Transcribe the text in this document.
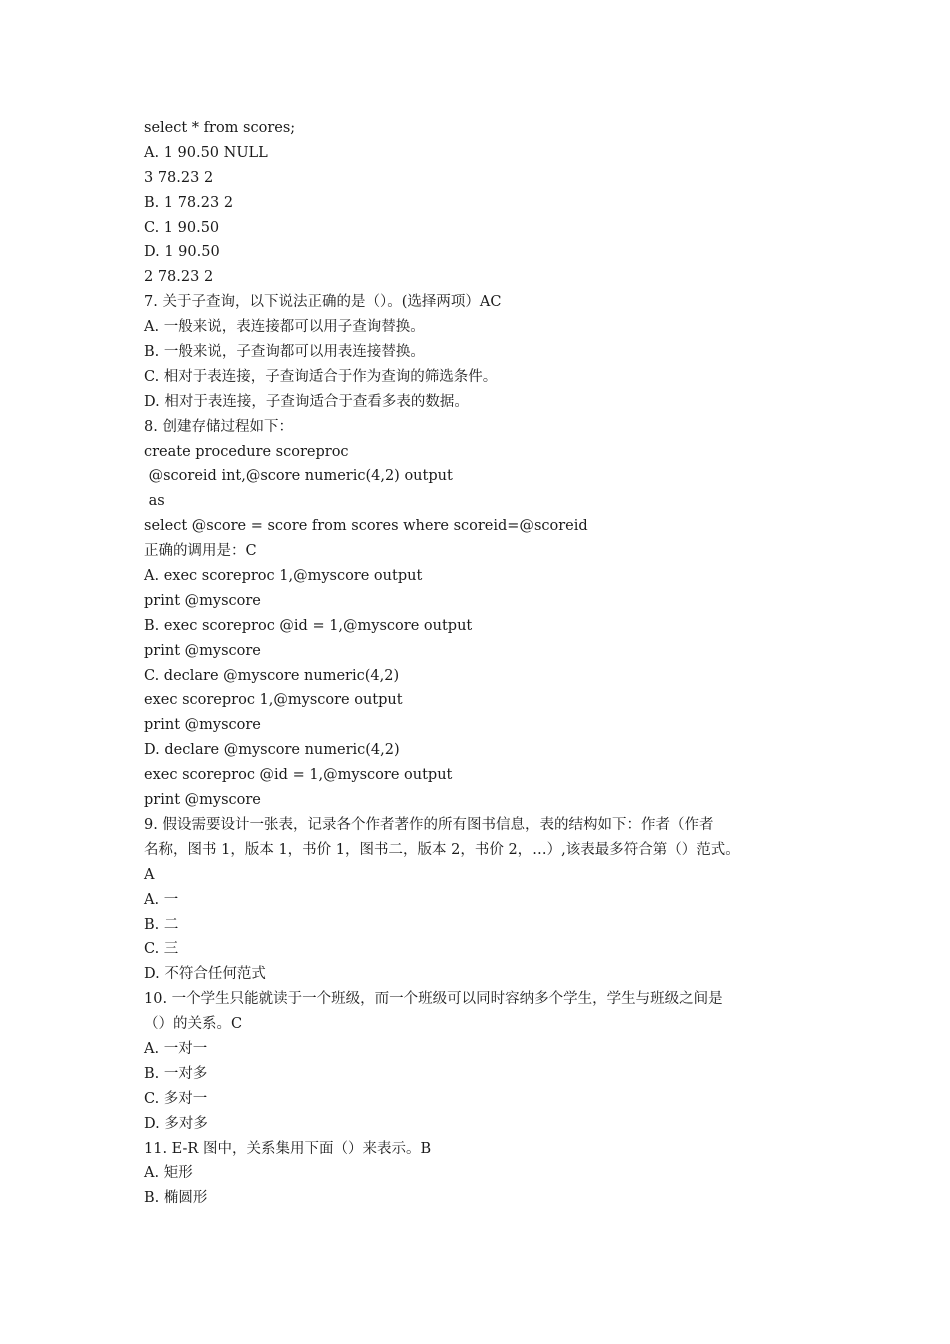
select * from scores;
A. 1 90.50 NULL
3 78.23 2
B. 1 78.23 2
C. 1 90.50
D. 1 90.50
2 78.23 2
7. 关于子查询，以下说法正确的是（）。(选择两项）AC
A. 一般来说，表连接都可以用子查询替换。
B. 一般来说，子查询都可以用表连接替换。
C. 相对于表连接，子查询适合于作为查询的筛选条件。
D. 相对于表连接，子查询适合于查看多表的数据。
8. 创建存储过程如下：
create procedure scoreproc
@scoreid int,@score numeric(4,2) output
as
select @score = score from scores where scoreid=@scoreid
正确的调用是：C
A. exec scoreproc 1,@myscore output
print @myscore
B. exec scoreproc @id = 1,@myscore output
print @myscore
C. declare @myscore numeric(4,2)
exec scoreproc 1,@myscore output
print @myscore
D. declare @myscore numeric(4,2)
exec scoreproc @id = 1,@myscore output
print @myscore
9. 假设需要设计一张表，记录各个作者著作的所有图书信息，表的结构如下：作者（作者
名称，图书 1，版本 1，书价 1，图书二，版本 2，书价 2，…）,该表最多符合第（）范式。
A
A. 一
B. 二
C. 三
D. 不符合任何范式
10. 一个学生只能就读于一个班级，而一个班级可以同时容纳多个学生，学生与班级之间是
（）的关系。C
A. 一对一
B. 一对多
C. 多对一
D. 多对多
11. E-R 图中，关系集用下面（）来表示。B
A. 矩形
B. 椭圆形
